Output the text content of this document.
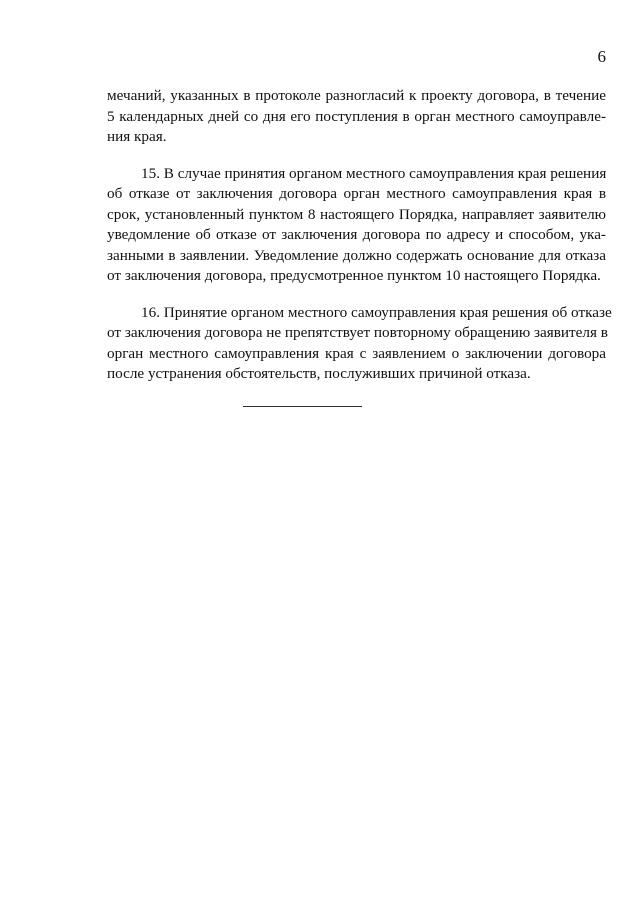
6
мечаний, указанных в протоколе разногласий к проекту договора, в течение
5 календарных дней со дня его поступления в орган местного самоуправле-
ния края.
15. В случае принятия органом местного самоуправления края решения
об отказе от заключения договора орган местного самоуправления края в
срок, установленный пунктом 8 настоящего Порядка, направляет заявителю
уведомление об отказе от заключения договора по адресу и способом, ука-
занными в заявлении. Уведомление должно содержать основание для отказа
от заключения договора, предусмотренное пунктом 10 настоящего Порядка.
16. Принятие органом местного самоуправления края решения об отказе
от заключения договора не препятствует повторному обращению заявителя в
орган местного самоуправления края с заявлением о заключении договора
после устранения обстоятельств, послуживших причиной отказа.
